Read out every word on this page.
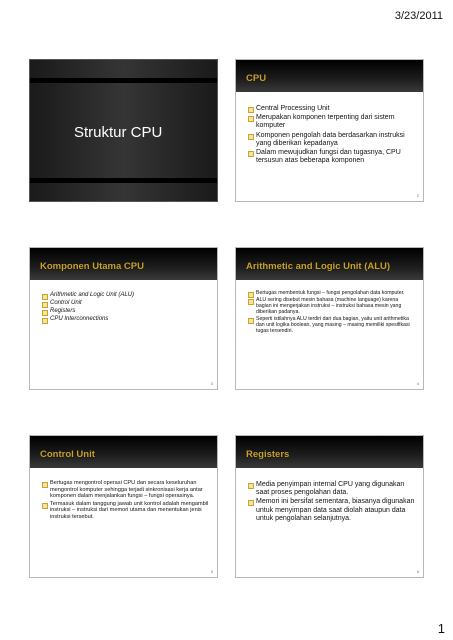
3/23/2011
Struktur CPU
CPU
Central Processing Unit
Merupakan komponen terpenting dari sistem komputer
Komponen pengolah data berdasarkan instruksi yang diberikan kepadanya
Dalam mewujudkan fungsi dan tugasnya, CPU tersusun atas beberapa komponen
2
Komponen Utama CPU
Arithmetic and Logic Unit (ALU)
Control Unit
Registers
CPU Interconnections
3
Arithmetic and Logic Unit (ALU)
Bertugas membentuk fungsi – fungsi pengolahan data komputer.
ALU sering disebut mesin bahasa (machine language) karena bagian ini mengerjakan instruksi – instruksi bahasa mesin yang diberikan padanya.
Seperti istilahnya ALU terdiri dari dua bagian, yaitu unit arithmetika dan unit logika boolean, yang masing – masing memiliki spesifikasi tugas tersendiri.
4
Control Unit
Bertugas mengontrol operasi CPU dan secara keseluruhan mengontrol komputer sehingga terjadi sinkronisasi kerja antar komponen dalam menjalankan fungsi – fungsi operasinya.
Termasuk dalam tanggung jawab unit kontrol adalah mengambil instruksi – instruksi dari memori utama dan menentukan jenis instruksi tersebut.
5
Registers
Media penyimpan internal CPU yang digunakan saat proses pengolahan data.
Memori ini bersifat sementara, biasanya digunakan untuk menyimpan data saat diolah ataupun data untuk pengolahan selanjutnya.
6
1
